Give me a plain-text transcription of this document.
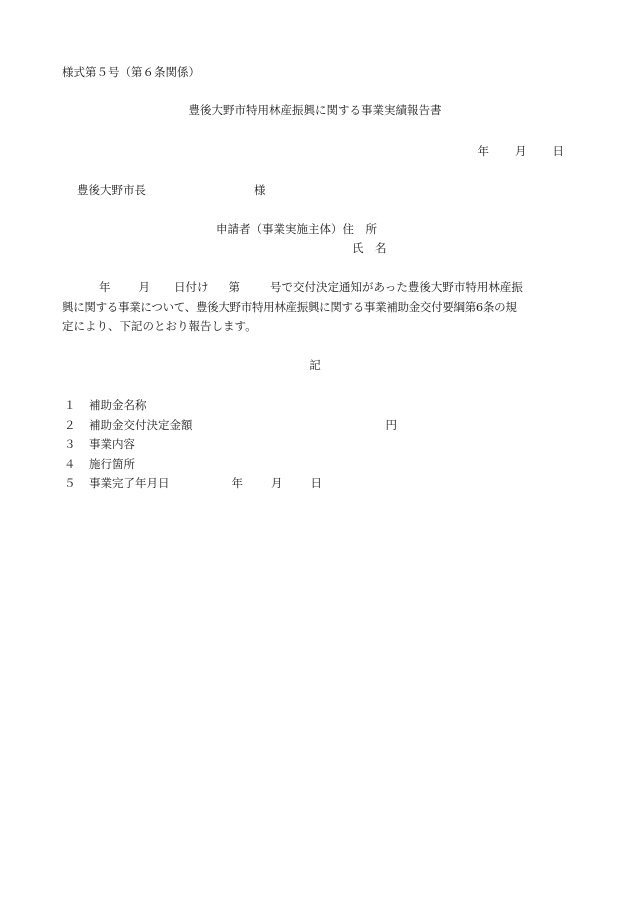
様式第５号（第６条関係）
豊後大野市特用林産振興に関する事業実績報告書
年 月 日
豊後大野市長	様
申請者（事業実施主体）住　所
氏　名
年 月 日付け 第	号で交付決定通知があった豊後大野市特用林産振
興に関する事業について、豊後大野市特用林産振興に関する事業補助金交付要綱第6条の規
定により、下記のとおり報告します。
記
１ 補助金名称
２ 補助金交付決定金額	円
３ 事業内容
４ 施行箇所
５ 事業完了年月日	年 月 日
